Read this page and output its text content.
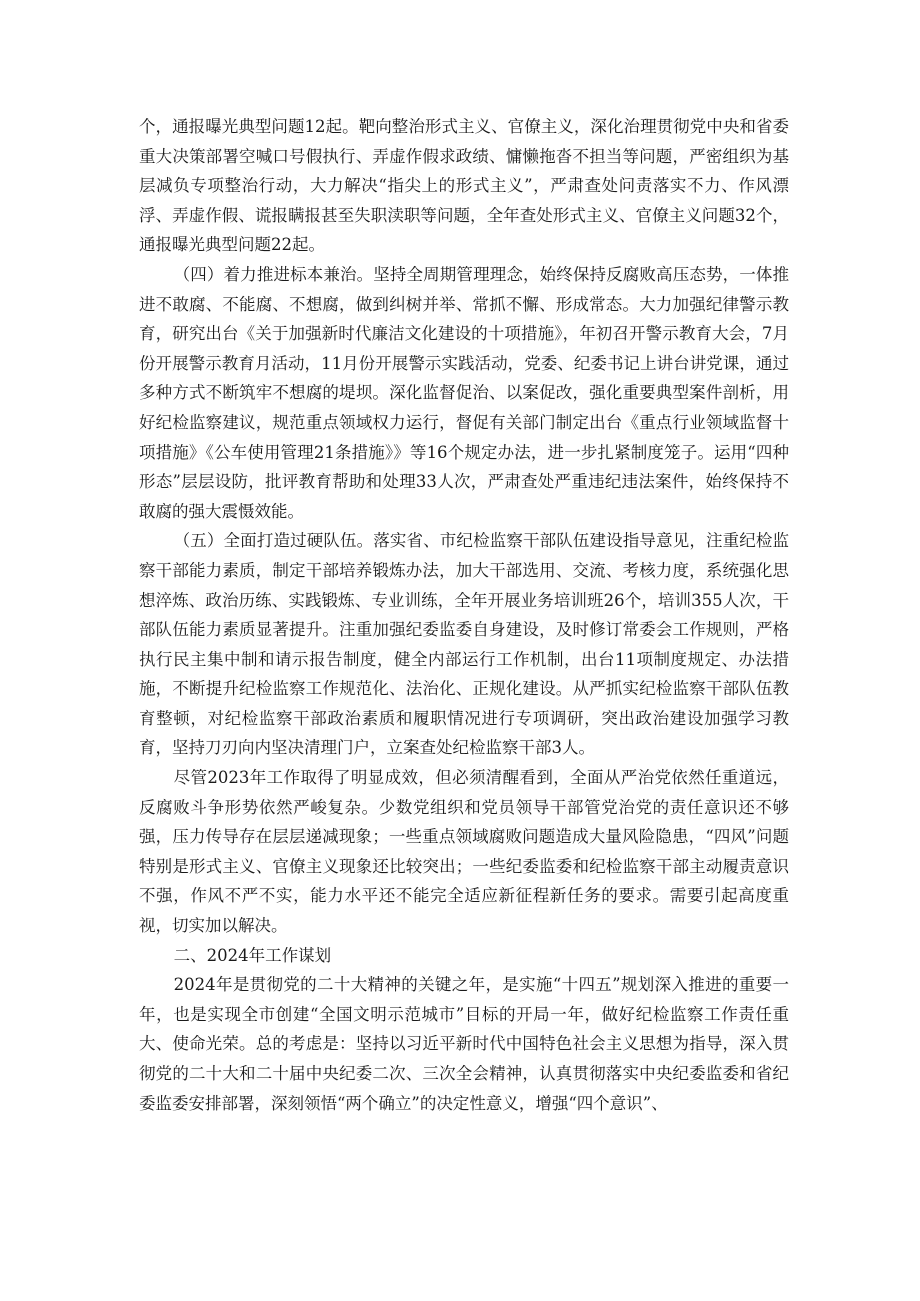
个，通报曝光典型问题12起。靶向整治形式主义、官僚主义，深化治理贯彻党中央和省委重大决策部署空喊口号假执行、弄虚作假求政绩、慵懒拖沓不担当等问题，严密组织为基层减负专项整治行动，大力解决“指尖上的形式主义”，严肃查处问责落实不力、作风漂浮、弄虚作假、谎报瞒报甚至失职渎职等问题，全年查处形式主义、官僚主义问题32个，通报曝光典型问题22起。

（四）着力推进标本兼治。坚持全周期管理理念，始终保持反腐败高压态势，一体推进不敢腐、不能腐、不想腐，做到纠树并举、常抓不懈、形成常态。大力加强纪律警示教育，研究出台《关于加强新时代廉洁文化建设的十项措施》，年初召开警示教育大会，7月份开展警示教育月活动，11月份开展警示实践活动，党委、纪委书记上讲台讲党课，通过多种方式不断筑牢不想腐的堤坝。深化监督促治、以案促改，强化重要典型案件剖析，用好纪检监察建议，规范重点领域权力运行，督促有关部门制定出台《重点行业领域监督十项措施》《公车使用管理21条措施》》等16个规定办法，进一步扎紧制度笼子。运用“四种形态”层层设防，批评教育帮助和处理33人次，严肃查处严重违纪违法案件，始终保持不敢腐的强大震慑效能。

（五）全面打造过硬队伍。落实省、市纪检监察干部队伍建设指导意见，注重纪检监察干部能力素质，制定干部培养锻炼办法，加大干部选用、交流、考核力度，系统强化思想淬炼、政治历练、实践锻炼、专业训练，全年开展业务培训班26个，培训355人次，干部队伍能力素质显著提升。注重加强纪委监委自身建设，及时修订常委会工作规则，严格执行民主集中制和请示报告制度，健全内部运行工作机制，出台11项制度规定、办法措施，不断提升纪检监察工作规范化、法治化、正规化建设。从严抓实纪检监察干部队伍教育整顿，对纪检监察干部政治素质和履职情况进行专项调研，突出政治建设加强学习教育，坚持刀刃向内坚决清理门户，立案查处纪检监察干部3人。

尽管2023年工作取得了明显成效，但必须清醒看到，全面从严治党依然任重道远，反腐败斗争形势依然严峻复杂。少数党组织和党员领导干部管党治党的责任意识还不够强，压力传导存在层层递减现象；一些重点领域腐败问题造成大量风险隐患，“四风”问题特别是形式主义、官僚主义现象还比较突出；一些纪委监委和纪检监察干部主动履责意识不强，作风不严不实，能力水平还不能完全适应新征程新任务的要求。需要引起高度重视，切实加以解决。

二、2024年工作谋划

2024年是贯彻党的二十大精神的关键之年，是实施“十四五”规划深入推进的重要一年，也是实现全市创建“全国文明示范城市”目标的开局一年，做好纪检监察工作责任重大、使命光荣。总的考虑是：坚持以习近平新时代中国特色社会主义思想为指导，深入贯彻党的二十大和二十届中央纪委二次、三次全会精神，认真贯彻落实中央纪委监委和省纪委监委安排部署，深刻领悟“两个确立”的决定性意义，增强“四个意识”、
